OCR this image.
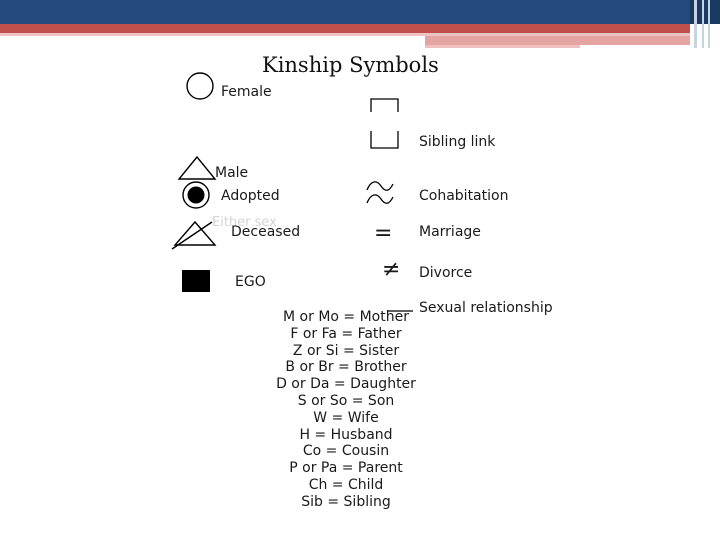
Kinship Symbols
Female
Male
Adopted
Either sex
Deceased
EGO
=
≠
Sibling link
Cohabitation
Marriage
Divorce
Sexual relationship
M or Mo = Mother
F or Fa = Father
Z or Si = Sister
B or Br = Brother
D or Da = Daughter
S or So = Son
W = Wife
H = Husband
Co = Cousin
P or Pa = Parent
Ch = Child
Sib = Sibling
